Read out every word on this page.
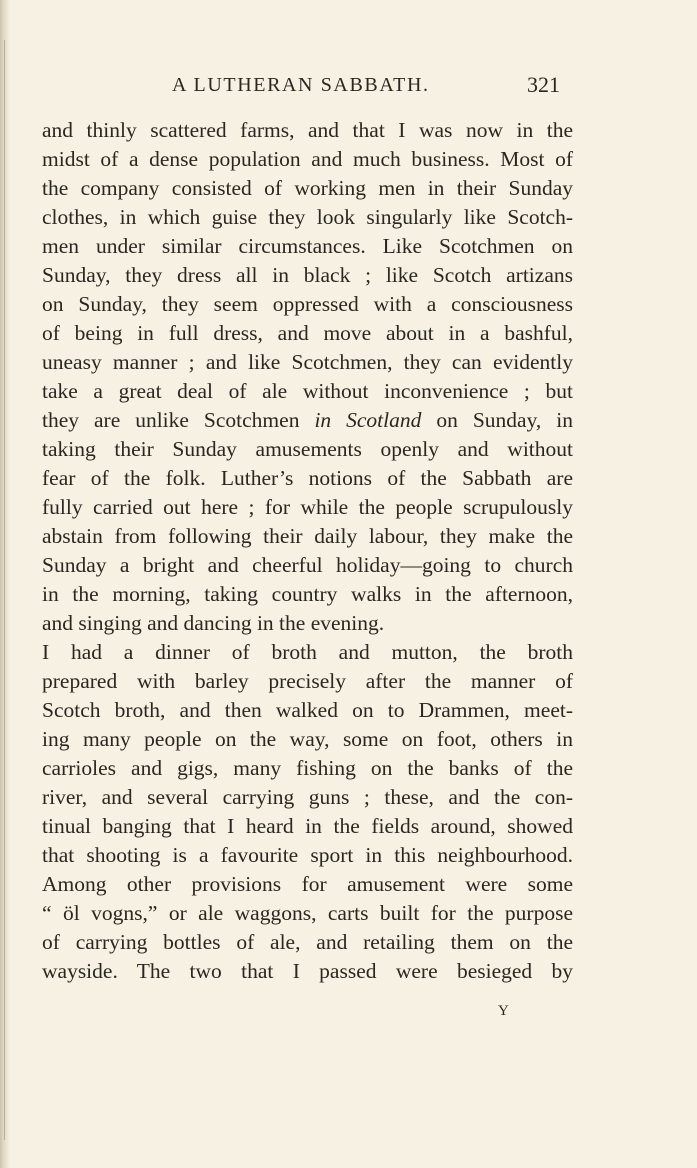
A LUTHERAN SABBATH.	321
and thinly scattered farms, and that I was now in the
midst of a dense population and much business. Most of
the company consisted of working men in their Sunday
clothes, in which guise they look singularly like Scotch-
men under similar circumstances. Like Scotchmen on
Sunday, they dress all in black ; like Scotch artizans
on Sunday, they seem oppressed with a consciousness
of being in full dress, and move about in a bashful,
uneasy manner ; and like Scotchmen, they can evidently
take a great deal of ale without inconvenience ; but
they are unlike Scotchmen in Scotland on Sunday, in
taking their Sunday amusements openly and without
fear of the folk. Luther’s notions of the Sabbath are
fully carried out here ; for while the people scrupulously
abstain from following their daily labour, they make the
Sunday a bright and cheerful holiday—going to church
in the morning, taking country walks in the afternoon,
and singing and dancing in the evening.
I had a dinner of broth and mutton, the broth
prepared with barley precisely after the manner of
Scotch broth, and then walked on to Drammen, meet-
ing many people on the way, some on foot, others in
carrioles and gigs, many fishing on the banks of the
river, and several carrying guns ; these, and the con-
tinual banging that I heard in the fields around, showed
that shooting is a favourite sport in this neighbourhood.
Among other provisions for amusement were some
“ öl vogns,” or ale waggons, carts built for the purpose
of carrying bottles of ale, and retailing them on the
wayside. The two that I passed were besieged by
Y
